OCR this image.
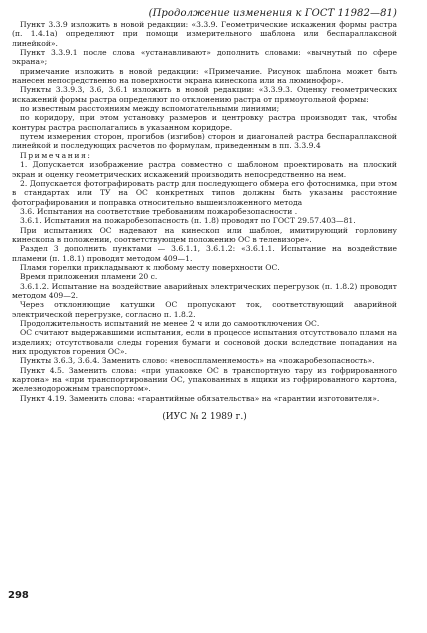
(Продолжение изменения к ГОСТ 11982—81)

Пункт 3.3.9 изложить в новой редакции: «3.3.9. Геометрические искажения формы растра (п. 1.4.1а) определяют при помощи измерительного шаблона или беспараллаксной линейкой».

Пункт 3.3.9.1 после слова «устанавливают» дополнить словами: «вычнутый по сфере экрана»;

примечание изложить в новой редакции: «Примечание. Рисунок шаблона может быть нанесен непосредственно на поверхности экрана кинескопа или на люминофор».

Пункты 3.3.9.3, 3.6, 3.6.1 изложить в новой редакции: «3.3.9.3. Оценку геометрических искажений формы растра определяют по отклонению растра от прямоугольной формы:

по известным расстояниям между вспомогательными линиями;

по коридору, при этом установку размеров и центровку растра производят так, чтобы контуры растра располагались в указанном коридоре.

путем измерения сторон, прогибов (изгибов) сторон и диагоналей растра беспараллаксной линейкой и последующих расчетов по формулам, приведенным в пп. 3.3.9.4

Примечания:

1. Допускается изображение растра совместно с шаблоном проектировать на плоский экран и оценку геометрических искажений производить непосредственно на нем.

2. Допускается фотографировать растр для последующего обмера его фотоснимка, при этом в стандартах или ТУ на ОС конкретных типов должны быть указаны расстояние фотографирования и поправка относительно вышеизложенного метода

3.6. Испытания на соответствие требованиям пожаробезопасности .

3.6.1. Испытания на пожаробезопасность (п. 1.8) проводят по ГОСТ 29.57.403—81.

При испытаниях ОС надевают на кинескоп или шаблон, имитирующий горловину кинескопа в положении, соответствующем положению ОС в телевизоре».

Раздел 3 дополнить пунктами — 3.6.1.1, 3.6.1.2: «3.6.1.1. Испытание на воздействие пламени (п. 1.8.1) проводят методом 409—1.

Пламя горелки прикладывают к любому месту поверхности ОС.

Время приложения пламени 20 с.

3.6.1.2. Испытание на воздействие аварийных электрических перегрузок (п. 1.8.2) проводят методом 409—2.

Через отклоняющие катушки ОС пропускают ток, соответствующий аварийной электрической перегрузке, согласно п. 1.8.2.

Продолжительность испытаний не менее 2 ч или до самоотключения ОС.

ОС считают выдержавшими испытания, если в процессе испытания отсутствовало пламя на изделиях; отсутствовали следы горения бумаги и сосновой доски вследствие попадания на них продуктов горения ОС».

Пункты 3.6.3, 3.6.4. Заменить слово: «невоспламеняемость» на «пожаробезопасность».

Пункт 4.5. Заменить слова: «при упаковке ОС в транспортную тару из гофрированного картона» на «при транспортировании ОС, упакованных в ящики из гофрированного картона, железнодорожным транспортом».

Пункт 4.19. Заменить слова: «гарантийные обязательства» на «гарантии изготовителя».

(ИУС № 2 1989 г.)
298
